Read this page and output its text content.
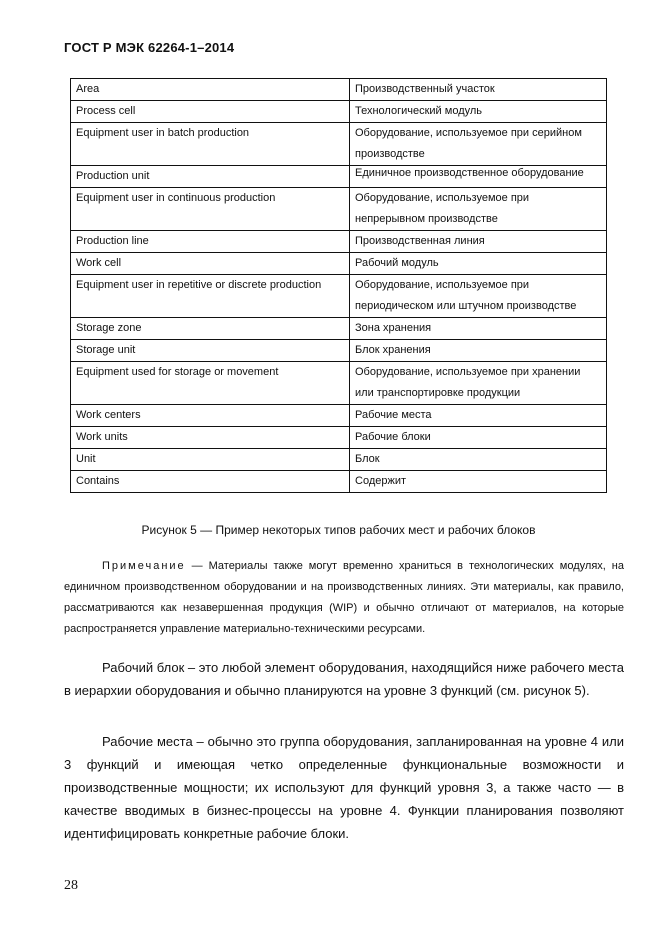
ГОСТ Р МЭК 62264-1–2014
Area	Производственный участок
Process cell	Технологический модуль
Equipment user in batch production	Оборудование, используемое при серийном производстве
Production unit	Единичное производственное оборудование
Equipment user in continuous production	Оборудование, используемое при непрерывном производстве
Production line	Производственная линия
Work cell	Рабочий модуль
Equipment user in repetitive or discrete production	Оборудование, используемое при периодическом или штучном производстве
Storage zone	Зона хранения
Storage unit	Блок хранения
Equipment used for storage or movement	Оборудование, используемое при хранении или транспортировке продукции
Work centers	Рабочие места
Work units	Рабочие блоки
Unit	Блок
Contains	Содержит
Рисунок 5 — Пример некоторых типов рабочих мест и рабочих блоков
Примечание — Материалы также могут временно храниться в технологических модулях, на единичном производственном оборудовании и на производственных линиях. Эти материалы, как правило, рассматриваются как незавершенная продукция (WIP) и обычно отличают от материалов, на которые распространяется управление материально-техническими ресурсами.

Рабочий блок – это любой элемент оборудования, находящийся ниже рабочего места в иерархии оборудования и обычно планируются на уровне 3 функций (см. рисунок 5).

Рабочие места – обычно это группа оборудования, запланированная на уровне 4 или 3 функций и имеющая четко определенные функциональные возможности и производственные мощности; их используют для функций уровня 3, а также часто — в качестве вводимых в бизнес-процессы на уровне 4. Функции планирования позволяют идентифицировать конкретные рабочие блоки.

28
